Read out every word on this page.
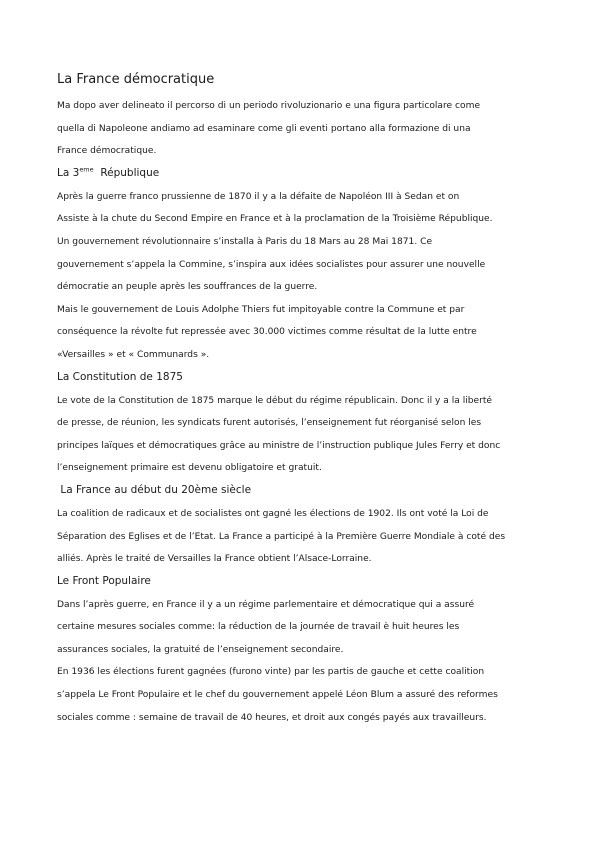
La France démocratique
Ma dopo aver delineato il percorso di un periodo rivoluzionario e una figura particolare come
quella di Napoleone andiamo ad esaminare come gli eventi portano alla formazione di una
France démocratique.
La 3eme  République
Après la guerre franco prussienne de 1870 il y a la défaite de Napoléon III à Sedan et on
Assiste à la chute du Second Empire en France et à la proclamation de la Troisième République.
Un gouvernement révolutionnaire s’installa à Paris du 18 Mars au 28 Mai 1871. Ce
gouvernement s’appela la Commine, s’inspira aux idées socialistes pour assurer une nouvelle
démocratie an peuple après les souffrances de la guerre.
Mais le gouvernement de Louis Adolphe Thiers fut impitoyable contre la Commune et par
conséquence la révolte fut repressée avec 30.000 victimes comme résultat de la lutte entre
«Versailles » et « Communards ».
La Constitution de 1875
Le vote de la Constitution de 1875 marque le début du régime républicain. Donc il y a la liberté
de presse, de réunion, les syndicats furent autorisés, l’enseignement fut réorganisé selon les
principes laïques et démocratiques grâce au ministre de l’instruction publique Jules Ferry et donc
l’enseignement primaire est devenu obligatoire et gratuit.
La France au début du 20ème siècle
La coalition de radicaux et de socialistes ont gagné les élections de 1902. Ils ont voté la Loi de
Séparation des Eglises et de l’Etat. La France a participé à la Première Guerre Mondiale à coté des
alliés. Après le traité de Versailles la France obtient l’Alsace-Lorraine.
Le Front Populaire
Dans l’après guerre, en France il y a un régime parlementaire et démocratique qui a assuré
certaine mesures sociales comme: la réduction de la journée de travail è huit heures les
assurances sociales, la gratuité de l’enseignement secondaire.
En 1936 les élections furent gagnées (furono vinte) par les partis de gauche et cette coalition
s’appela Le Front Populaire et le chef du gouvernement appelé Léon Blum a assuré des reformes
sociales comme : semaine de travail de 40 heures, et droit aux congés payés aux travailleurs.
